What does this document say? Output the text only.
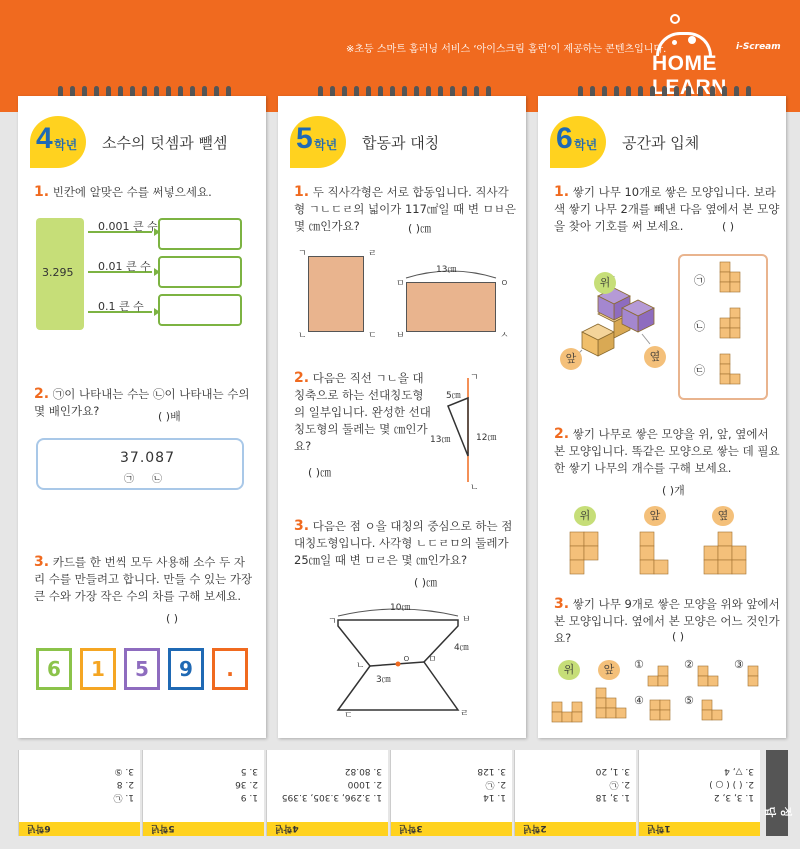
※초등 스마트 홈러닝 서비스 ‘아이스크림 홈런’이 제공하는 콘텐츠입니다.	i-Scream
HOME
4 학년 소수의 덧셈과 뺄셈
1. 빈칸에 알맞은 수를 써넣으세요.
3.295
0.001 큰 수
0.01 큰 수
0.1 큰 수
2. ㉠이 나타내는 수는 ㉡이 나타내는 수의 몇 배인가요?	( )배
37.087
㉠ ㉡
3. 카드를 한 번씩 모두 사용해 소수 두 자리 수를 만들려고 합니다. 만들 수 있는 가장 큰 수와 가장 작은 수의 차를 구해 보세요.
( )
6	1	5	9	.
5 학년 합동과 대칭
1. 두 직사각형은 서로 합동입니다. 직사각형 ㄱㄴㄷㄹ의 넓이가 117㎠일 때 변 ㅁㅂ은 몇 ㎝인가요?	( )㎝
ㄱ	ㄹ
ㄴ	ㄷ
ㅁ	ㅇ
ㅂ	ㅅ
13㎝
2. 다음은 직선 ㄱㄴ을 대칭축으로 하는 선대칭도형의 일부입니다. 완성한 선대칭도형의 둘레는 몇 ㎝인가요?
( )㎝
ㄱ
ㄴ
5㎝
13㎝	12㎝
3. 다음은 점 ㅇ을 대칭의 중심으로 하는 점대칭도형입니다. 사각형 ㄴㄷㄹㅁ의 둘레가 25㎝일 때 변 ㅁㄹ은 몇 ㎝인가요?
( )㎝
10㎝
ㄱ	ㅂ
ㄴ
ㅇ ㅁ
4㎝
3㎝
ㄷ	ㄹ
6 학년 공간과 입체
1. 쌓기 나무 10개로 쌓은 모양입니다. 보라색 쌓기 나무 2개를 빼낸 다음 옆에서 본 모양을 찾아 기호를 써 보세요.	( )
위
앞	옆
㉠
㉡
㉢
2. 쌓기 나무로 쌓은 모양을 위, 앞, 옆에서 본 모양입니다. 똑같은 모양으로 쌓는 데 필요한 쌓기 나무의 개수를 구해 보세요.
( )개
위	앞	옆
3. 쌓기 나무 9개로 쌓은 모양을 위와 앞에서 본 모양입니다. 옆에서 본 모양은 어느 것인가요?	( )
위	앞	①	②	③
④	⑤
1. 3, 3, 2
2. ( ) ( ○ )
3. ▽, 4
1학년
1. 3, 18
2. ㉡
3. 1, 20
2학년
1. 14
2. ㉡
3. 128
3학년
1. 3.296, 3.305, 3.395
2. 1000
3. 80.82
4학년
1. 9
2. 36
3. 5
5학년
1. ㉡
2. 8
3. ⑤
6학년
정답
